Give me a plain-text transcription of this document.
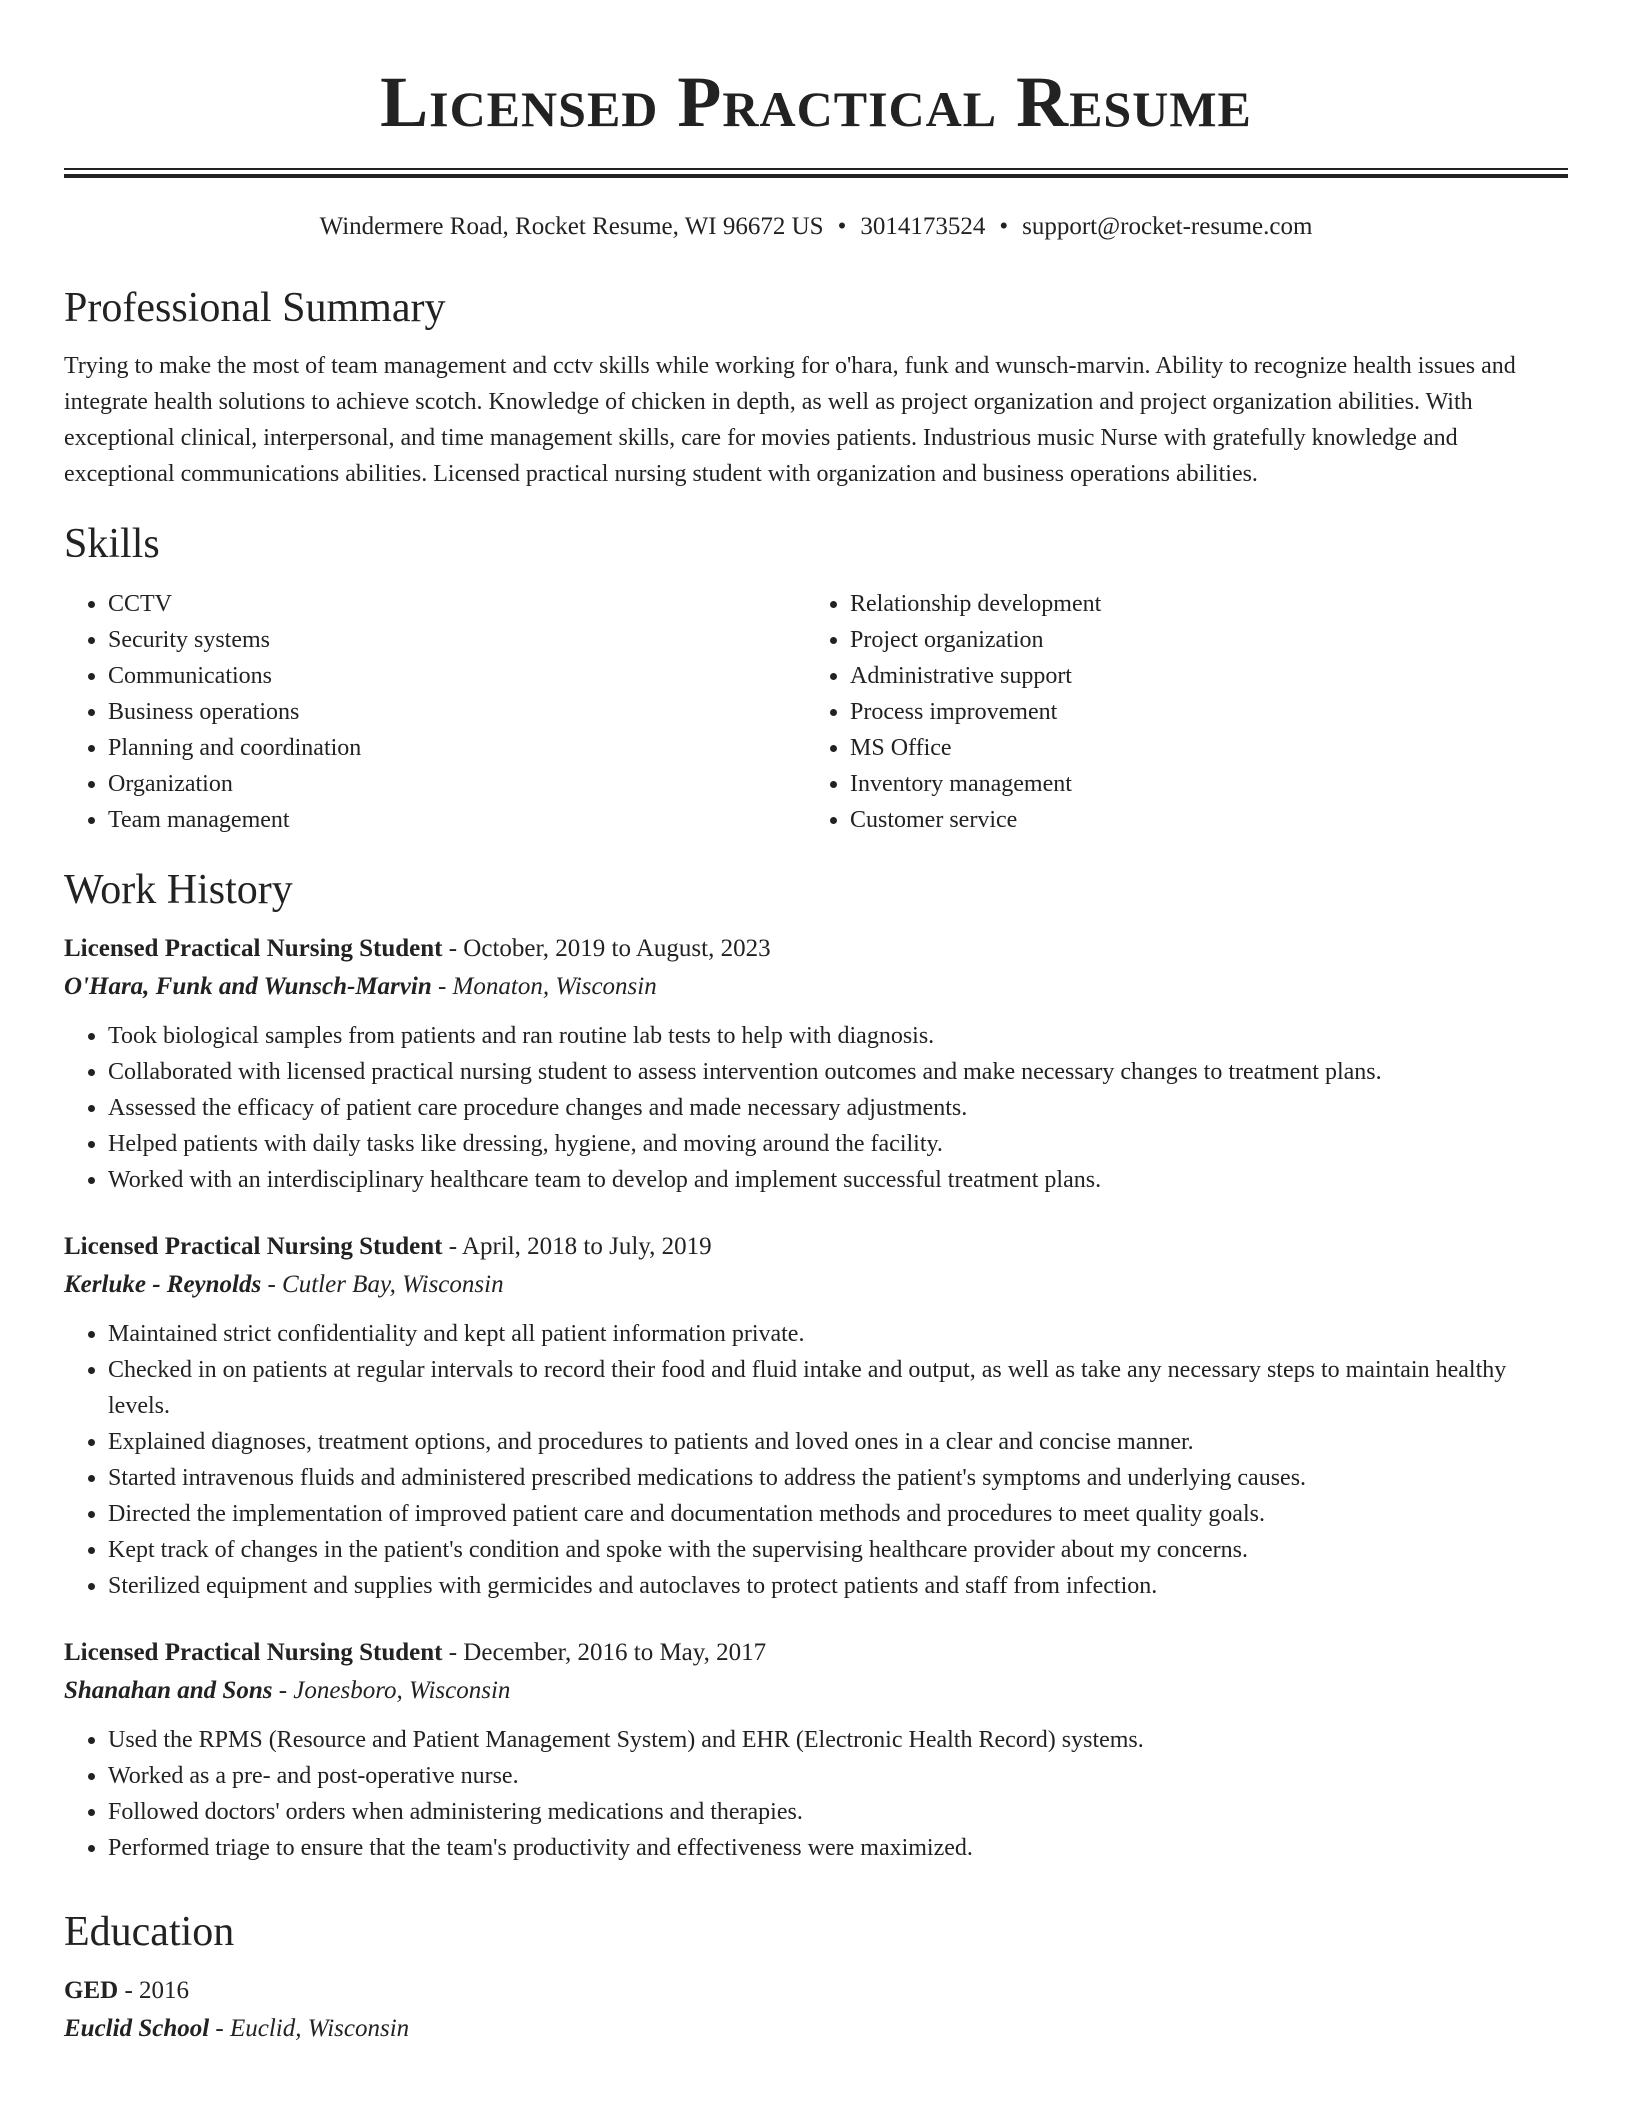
Licensed Practical Resume
Windermere Road, Rocket Resume, WI 96672 US • 3014173524 • support@rocket-resume.com
Professional Summary

Trying to make the most of team management and cctv skills while working for o'hara, funk and wunsch-marvin. Ability to recognize health issues and integrate health solutions to achieve scotch. Knowledge of chicken in depth, as well as project organization and project organization abilities. With exceptional clinical, interpersonal, and time management skills, care for movies patients. Industrious music Nurse with gratefully knowledge and exceptional communications abilities. Licensed practical nursing student with organization and business operations abilities.

Skills
• CCTV
• Security systems
• Communications
• Business operations
• Planning and coordination
• Organization
• Team management
• Relationship development
• Project organization
• Administrative support
• Process improvement
• MS Office
• Inventory management
• Customer service
Work History
Licensed Practical Nursing Student - October, 2019 to August, 2023
O'Hara, Funk and Wunsch-Marvin - Monaton, Wisconsin
• Took biological samples from patients and ran routine lab tests to help with diagnosis.
• Collaborated with licensed practical nursing student to assess intervention outcomes and make necessary changes to treatment plans.
• Assessed the efficacy of patient care procedure changes and made necessary adjustments.
• Helped patients with daily tasks like dressing, hygiene, and moving around the facility.
• Worked with an interdisciplinary healthcare team to develop and implement successful treatment plans.
Licensed Practical Nursing Student - April, 2018 to July, 2019
Kerluke - Reynolds - Cutler Bay, Wisconsin
• Maintained strict confidentiality and kept all patient information private.
• Checked in on patients at regular intervals to record their food and fluid intake and output, as well as take any necessary steps to maintain healthy levels.
• Explained diagnoses, treatment options, and procedures to patients and loved ones in a clear and concise manner.
• Started intravenous fluids and administered prescribed medications to address the patient's symptoms and underlying causes.
• Directed the implementation of improved patient care and documentation methods and procedures to meet quality goals.
• Kept track of changes in the patient's condition and spoke with the supervising healthcare provider about my concerns.
• Sterilized equipment and supplies with germicides and autoclaves to protect patients and staff from infection.
Licensed Practical Nursing Student - December, 2016 to May, 2017
Shanahan and Sons - Jonesboro, Wisconsin
• Used the RPMS (Resource and Patient Management System) and EHR (Electronic Health Record) systems.
• Worked as a pre- and post-operative nurse.
• Followed doctors' orders when administering medications and therapies.
• Performed triage to ensure that the team's productivity and effectiveness were maximized.
Education
GED - 2016
Euclid School - Euclid, Wisconsin
